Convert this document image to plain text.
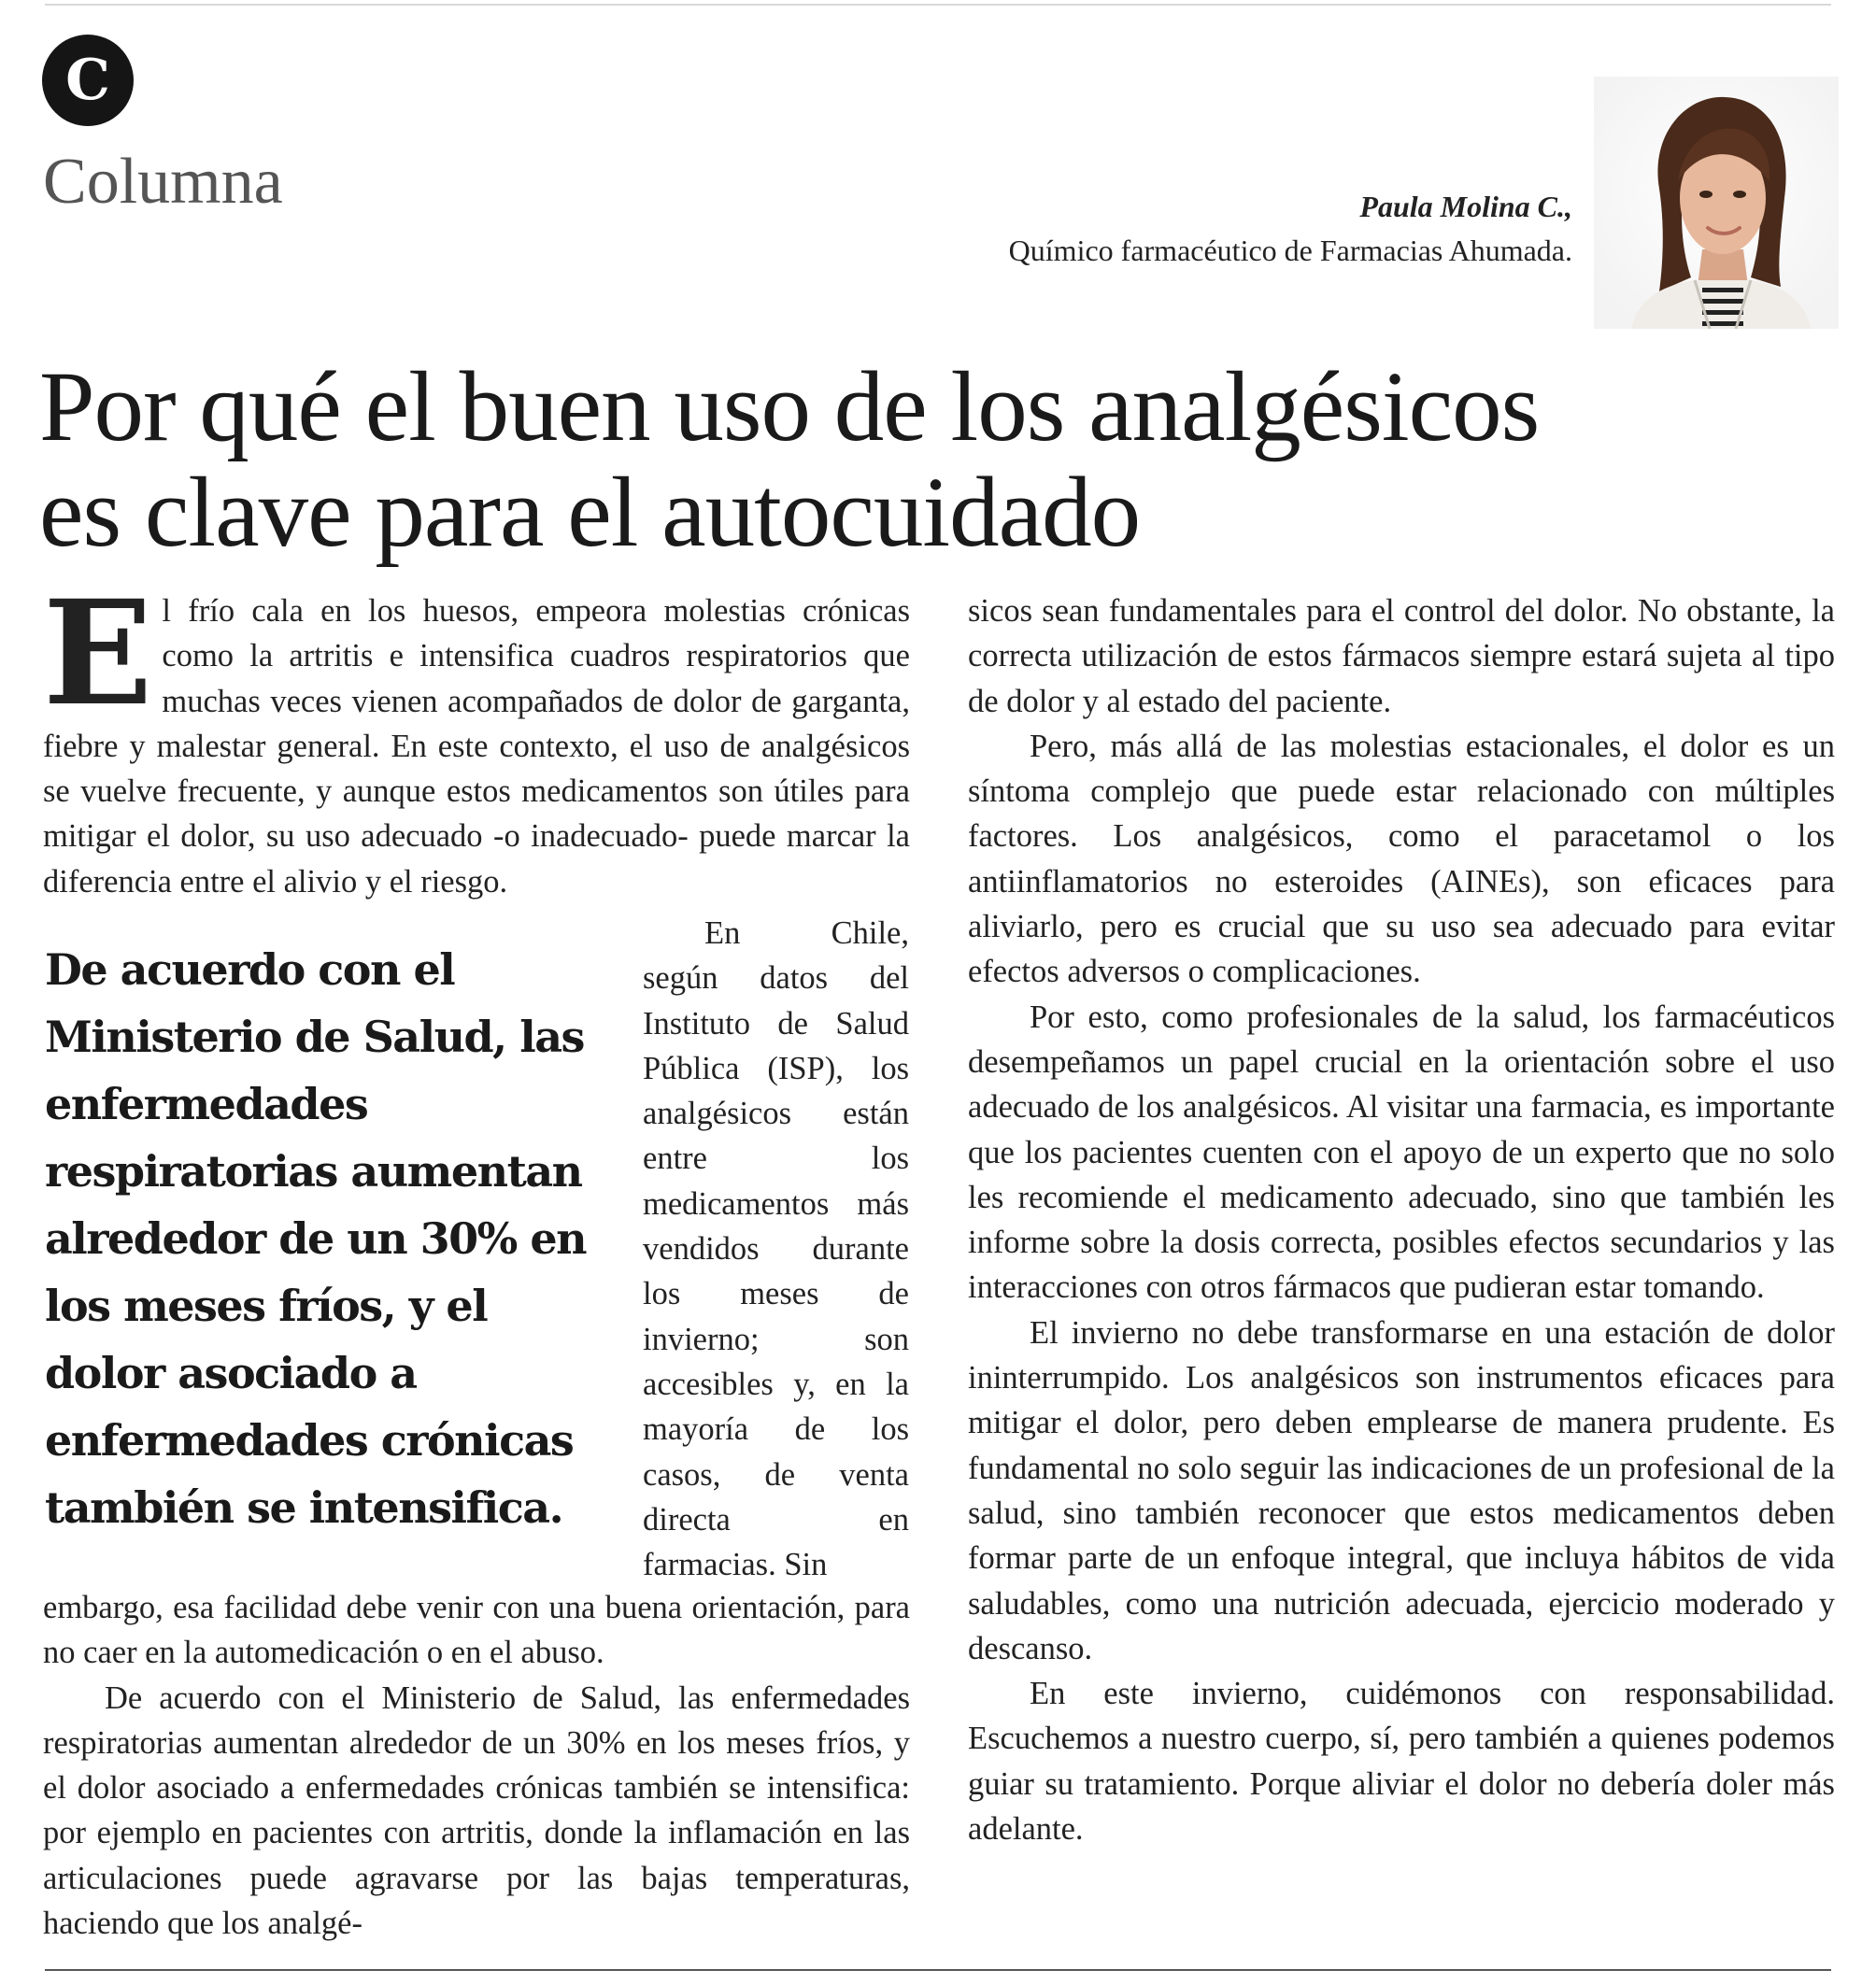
C
Columna	Paula Molina C.,
Químico farmacéutico de Farmacias Ahumada.
Por qué el buen uso de los analgésicos
es clave para el autocuidado

El frío cala en los huesos, empeora molestias crónicas como la artritis e intensifica cuadros respiratorios que muchas veces vienen acompañados de dolor de garganta, fiebre y malestar general. En este contexto, el uso de analgésicos se vuelve frecuente, y aunque estos medicamentos son útiles para mitigar el dolor, su uso adecuado -o inadecuado- puede marcar la diferencia entre el alivio y el riesgo.

De acuerdo con el Ministerio de Salud, las enfermedades respiratorias aumentan alrededor de un 30% en los meses fríos, y el dolor asociado a enfermedades crónicas también se intensifica.

En Chile, según datos del Instituto de Salud Pública (ISP), los analgésicos están entre los medicamentos más vendidos durante los meses de invierno; son accesibles y, en la mayoría de los casos, de venta directa en farmacias. Sin

embargo, esa facilidad debe venir con una buena orientación, para no caer en la automedicación o en el abuso.

De acuerdo con el Ministerio de Salud, las enfermedades respiratorias aumentan alrededor de un 30% en los meses fríos, y el dolor asociado a enfermedades crónicas también se intensifica: por ejemplo en pacientes con artritis, donde la inflamación en las articulaciones puede agravarse por las bajas temperaturas, haciendo que los analgé-

sicos sean fundamentales para el control del dolor. No obstante, la correcta utilización de estos fármacos siempre estará sujeta al tipo de dolor y al estado del paciente.

Pero, más allá de las molestias estacionales, el dolor es un síntoma complejo que puede estar relacionado con múltiples factores. Los analgésicos, como el paracetamol o los antiinflamatorios no esteroides (AINEs), son eficaces para aliviarlo, pero es crucial que su uso sea adecuado para evitar efectos adversos o complicaciones.

Por esto, como profesionales de la salud, los farmacéuticos desempeñamos un papel crucial en la orientación sobre el uso adecuado de los analgésicos. Al visitar una farmacia, es importante que los pacientes cuenten con el apoyo de un experto que no solo les recomiende el medicamento adecuado, sino que también les informe sobre la dosis correcta, posibles efectos secundarios y las interacciones con otros fármacos que pudieran estar tomando.

El invierno no debe transformarse en una estación de dolor ininterrumpido. Los analgésicos son instrumentos eficaces para mitigar el dolor, pero deben emplearse de manera prudente. Es fundamental no solo seguir las indicaciones de un profesional de la salud, sino también reconocer que estos medicamentos deben formar parte de un enfoque integral, que incluya hábitos de vida saludables, como una nutrición adecuada, ejercicio moderado y descanso.

En este invierno, cuidémonos con responsabilidad. Escuchemos a nuestro cuerpo, sí, pero también a quienes podemos guiar su tratamiento. Porque aliviar el dolor no debería doler más adelante.
